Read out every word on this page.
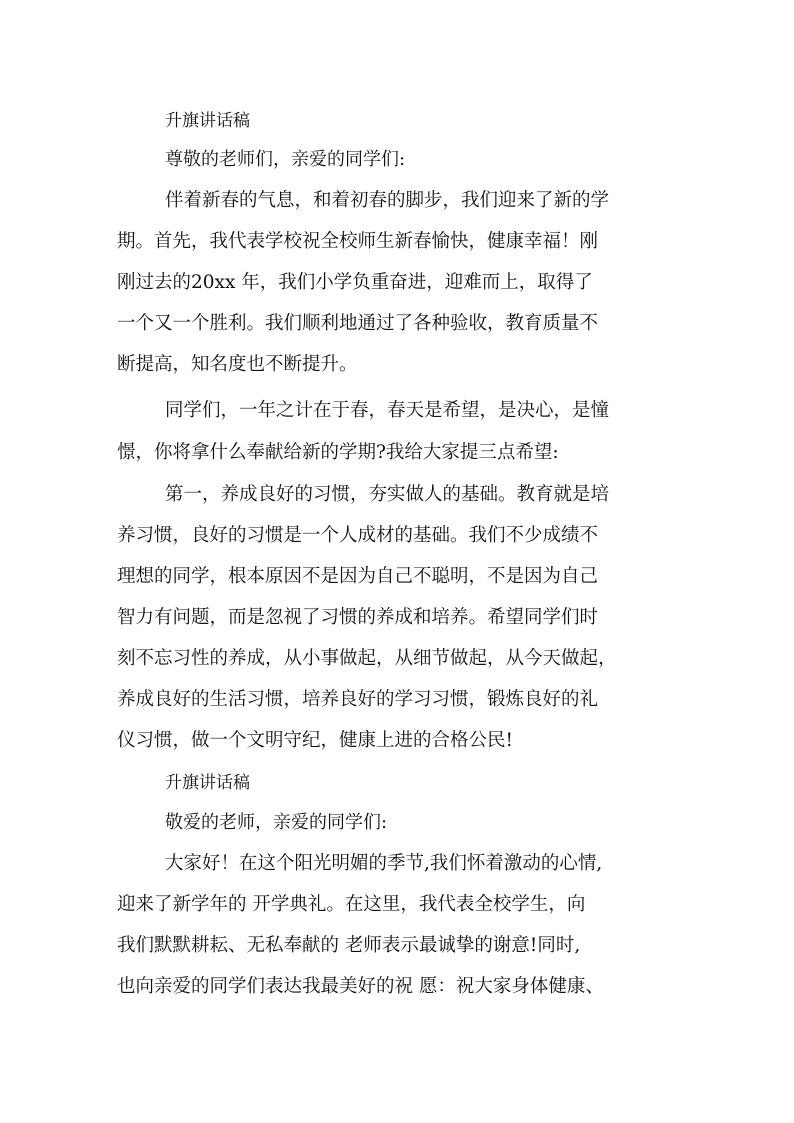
升旗讲话稿
尊敬的老师们，亲爱的同学们:
伴着新春的气息，和着初春的脚步，我们迎来了新的学
期。首先，我代表学校祝全校师生新春愉快，健康幸福！刚
刚过去的20xx 年，我们小学负重奋进，迎难而上，取得了
一个又一个胜利。我们顺利地通过了各种验收，教育质量不
断提高，知名度也不断提升。
同学们，一年之计在于春，春天是希望，是决心，是憧
憬，你将拿什么奉献给新的学期?我给大家提三点希望:
第一，养成良好的习惯，夯实做人的基础。教育就是培
养习惯，良好的习惯是一个人成材的基础。我们不少成绩不
理想的同学，根本原因不是因为自己不聪明，不是因为自己
智力有问题，而是忽视了习惯的养成和培养。希望同学们时
刻不忘习性的养成，从小事做起，从细节做起，从今天做起，
养成良好的生活习惯，培养良好的学习习惯，锻炼良好的礼
仪习惯，做一个文明守纪，健康上进的合格公民!
升旗讲话稿
敬爱的老师，亲爱的同学们:
大家好！在这个阳光明媚的季节,我们怀着激动的心情,
迎来了新学年的 开学典礼。在这里，我代表全校学生，向
我们默默耕耘、无私奉献的 老师表示最诚挚的谢意!同时,
也向亲爱的同学们表达我最美好的祝 愿：祝大家身体健康、
